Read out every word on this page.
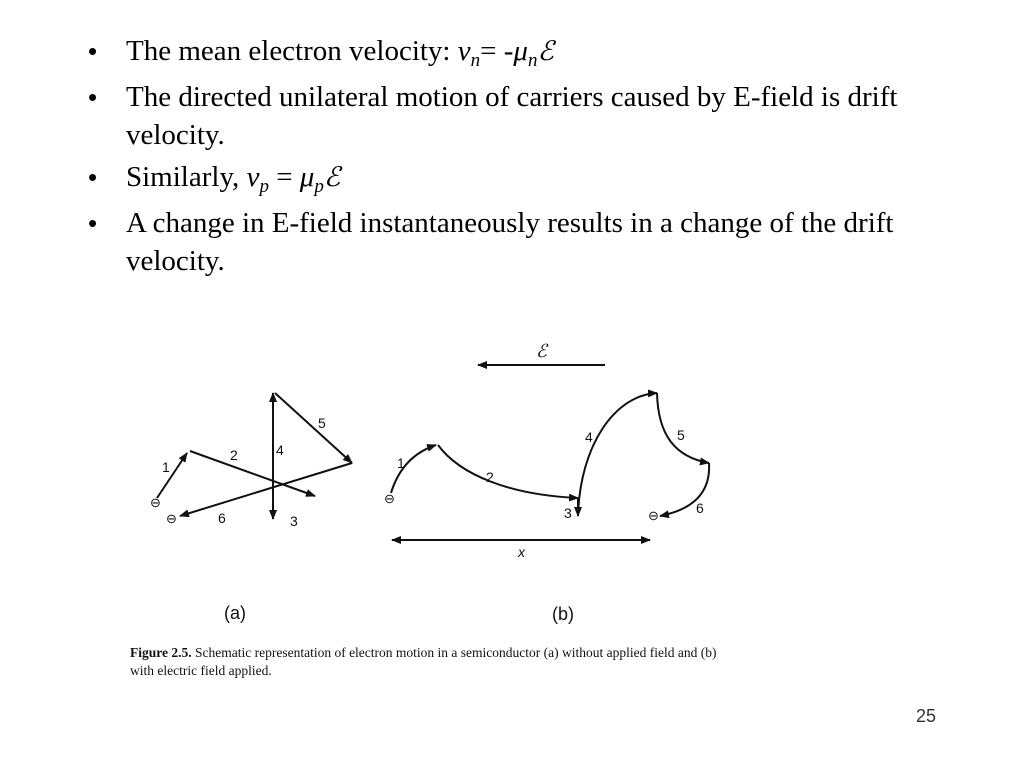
• The mean electron velocity: $v_n=$ $-\mu_nℰ$
• The directed unilateral motion of carriers caused by E-field is drift velocity.
• Similarly, $v_p$ = $\mu_pℰ$
• A change in E-field instantaneously results in a change of the drift velocity.
1
2
3
4
5
6
⊖
⊖
ℰ
1
2
3
4	5
6
⊖
⊖
x
(a)	(b)
Figure 2.5. Schematic representation of electron motion in a semiconductor (a) without applied field and (b) with electric field applied.
25
